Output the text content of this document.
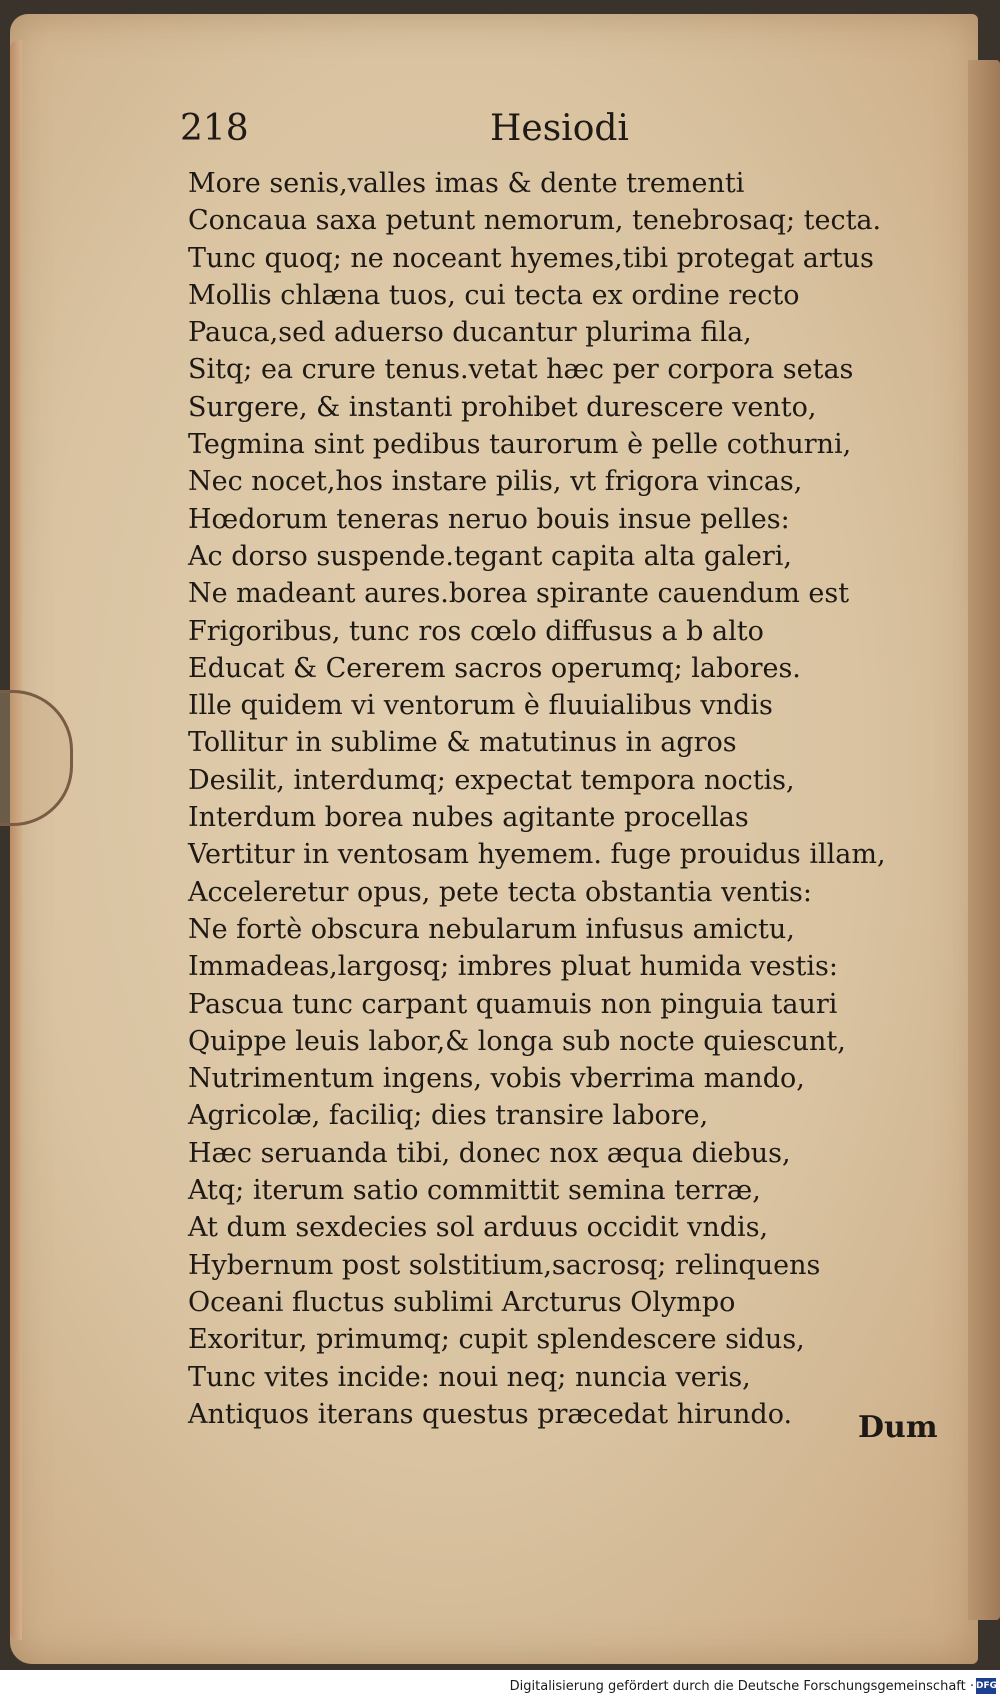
218	Hesiodi
More senis,valles imas & dente trementi
Concaua saxa petunt nemorum, tenebrosaq; tecta.
Tunc quoq; ne noceant hyemes,tibi protegat artus
Mollis chlæna tuos, cui tecta ex ordine recto
Pauca,sed aduerso ducantur plurima fila,
Sitq; ea crure tenus.vetat hæc per corpora setas
Surgere, & instanti prohibet durescere vento,
Tegmina sint pedibus taurorum è pelle cothurni,
Nec nocet,hos instare pilis, vt frigora vincas,
Hœdorum teneras neruo bouis insue pelles:
Ac dorso suspende.tegant capita alta galeri,
Ne madeant aures.borea spirante cauendum est
Frigoribus, tunc ros cœlo diffusus a b alto
Educat & Cererem sacros operumq; labores.
Ille quidem vi ventorum è fluuialibus vndis
Tollitur in sublime & matutinus in agros
Desilit, interdumq; expectat tempora noctis,
Interdum borea nubes agitante procellas
Vertitur in ventosam hyemem. fuge prouidus illam,
Acceleretur opus, pete tecta obstantia ventis:
Ne fortè obscura nebularum infusus amictu,
Immadeas,largosq; imbres pluat humida vestis:
Pascua tunc carpant quamuis non pinguia tauri
Quippe leuis labor,& longa sub nocte quiescunt,
Nutrimentum ingens, vobis vberrima mando,
Agricolæ, faciliq; dies transire labore,
Hæc seruanda tibi, donec nox æqua diebus,
Atq; iterum satio committit semina terræ,
At dum sexdecies sol arduus occidit vndis,
Hybernum post solstitium,sacrosq; relinquens
Oceani fluctus sublimi Arcturus Olympo
Exoritur, primumq; cupit splendescere sidus,
Tunc vites incide: noui neq; nuncia veris,
Antiquos iterans questus præcedat hirundo.	Dum
Digitalisierung gefördert durch die Deutsche Forschungsgemeinschaft · DFG
